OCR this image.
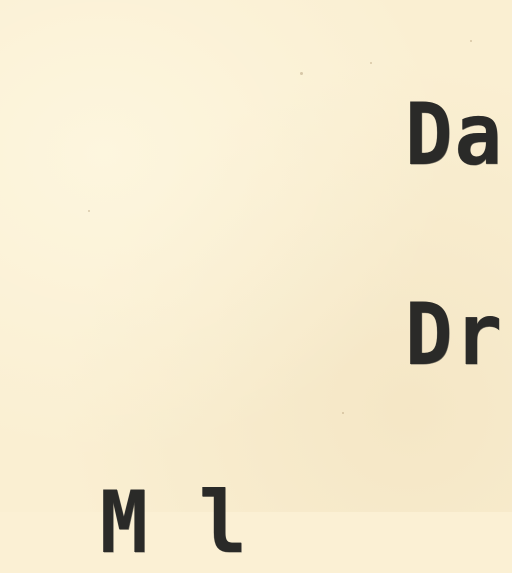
Da
Dr
M l
